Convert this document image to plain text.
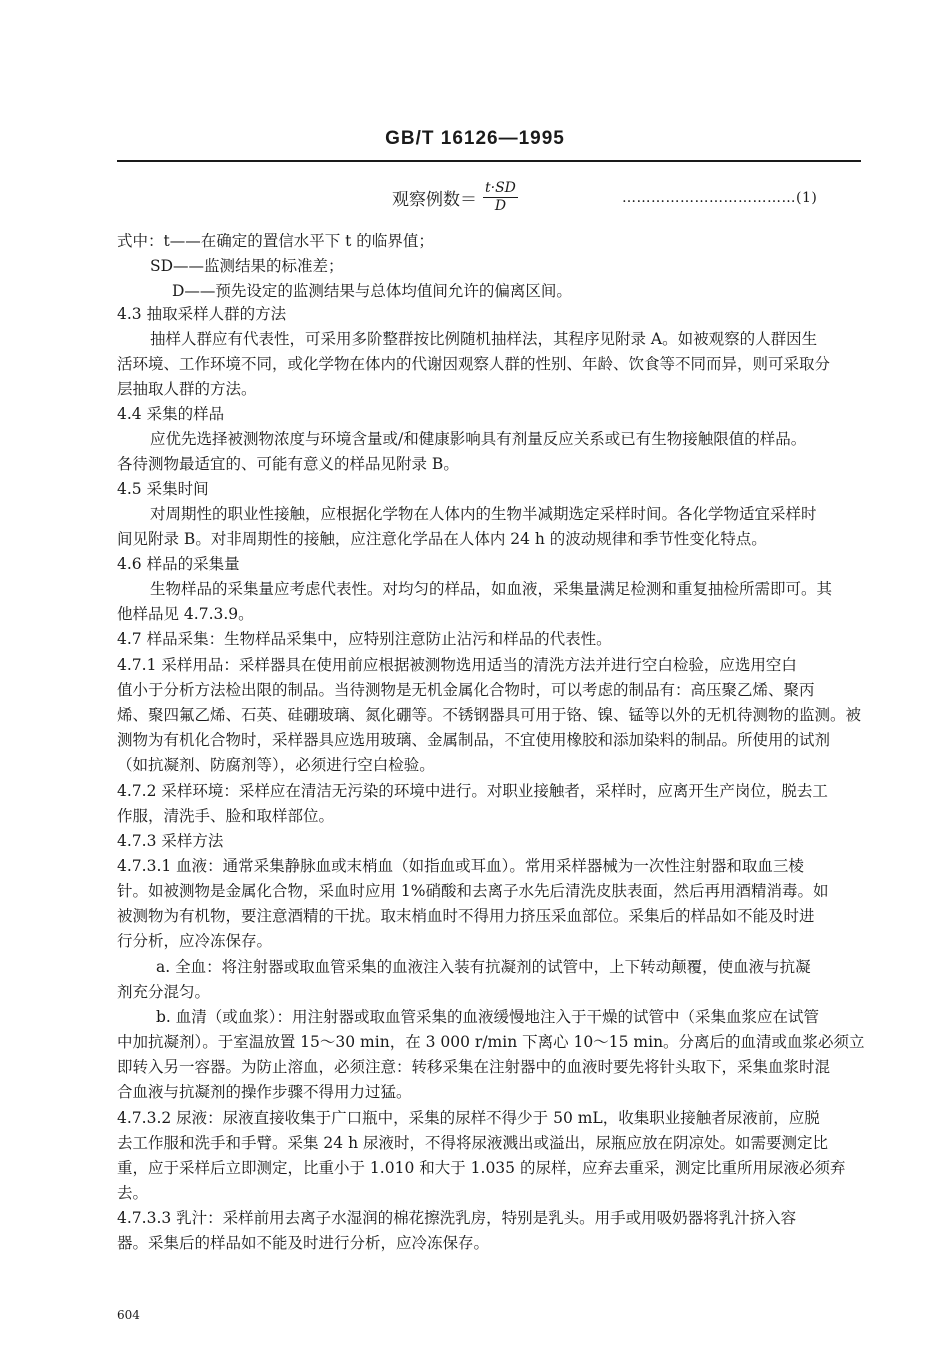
GB/T 16126—1995
观察例数＝ $\frac{t\cdot SD}{D}$	………………………………(1)
式中：t——在确定的置信水平下 t 的临界值；
SD——监测结果的标准差；
D——预先设定的监测结果与总体均值间允许的偏离区间。
4.3 抽取采样人群的方法
抽样人群应有代表性，可采用多阶整群按比例随机抽样法，其程序见附录 A。如被观察的人群因生
活环境、工作环境不同，或化学物在体内的代谢因观察人群的性别、年龄、饮食等不同而异，则可采取分
层抽取人群的方法。
4.4 采集的样品
应优先选择被测物浓度与环境含量或/和健康影响具有剂量反应关系或已有生物接触限值的样品。
各待测物最适宜的、可能有意义的样品见附录 B。
4.5 采集时间
对周期性的职业性接触，应根据化学物在人体内的生物半减期选定采样时间。各化学物适宜采样时
间见附录 B。对非周期性的接触，应注意化学品在人体内 24 h 的波动规律和季节性变化特点。
4.6 样品的采集量
生物样品的采集量应考虑代表性。对均匀的样品，如血液，采集量满足检测和重复抽检所需即可。其
他样品见 4.7.3.9。
4.7 样品采集：生物样品采集中，应特别注意防止沾污和样品的代表性。
4.7.1 采样用品：采样器具在使用前应根据被测物选用适当的清洗方法并进行空白检验，应选用空白
值小于分析方法检出限的制品。当待测物是无机金属化合物时，可以考虑的制品有：高压聚乙烯、聚丙
烯、聚四氟乙烯、石英、硅硼玻璃、氮化硼等。不锈钢器具可用于铬、镍、锰等以外的无机待测物的监测。被
测物为有机化合物时，采样器具应选用玻璃、金属制品，不宜使用橡胶和添加染料的制品。所使用的试剂
（如抗凝剂、防腐剂等），必须进行空白检验。
4.7.2 采样环境：采样应在清洁无污染的环境中进行。对职业接触者，采样时，应离开生产岗位，脱去工
作服，清洗手、脸和取样部位。
4.7.3 采样方法
4.7.3.1 血液：通常采集静脉血或末梢血（如指血或耳血）。常用采样器械为一次性注射器和取血三棱
针。如被测物是金属化合物，采血时应用 1%硝酸和去离子水先后清洗皮肤表面，然后再用酒精消毒。如
被测物为有机物，要注意酒精的干扰。取末梢血时不得用力挤压采血部位。采集后的样品如不能及时进
行分析，应冷冻保存。
a. 全血：将注射器或取血管采集的血液注入装有抗凝剂的试管中，上下转动颠覆，使血液与抗凝
剂充分混匀。
b. 血清（或血浆）：用注射器或取血管采集的血液缓慢地注入于干燥的试管中（采集血浆应在试管
中加抗凝剂）。于室温放置 15～30 min，在 3 000 r/min 下离心 10～15 min。分离后的血清或血浆必须立
即转入另一容器。为防止溶血，必须注意：转移采集在注射器中的血液时要先将针头取下，采集血浆时混
合血液与抗凝剂的操作步骤不得用力过猛。
4.7.3.2 尿液：尿液直接收集于广口瓶中，采集的尿样不得少于 50 mL，收集职业接触者尿液前，应脱
去工作服和洗手和手臂。采集 24 h 尿液时，不得将尿液溅出或溢出，尿瓶应放在阴凉处。如需要测定比
重，应于采样后立即测定，比重小于 1.010 和大于 1.035 的尿样，应弃去重采，测定比重所用尿液必须弃
去。
4.7.3.3 乳汁：采样前用去离子水湿润的棉花擦洗乳房，特别是乳头。用手或用吸奶器将乳汁挤入容
器。采集后的样品如不能及时进行分析，应冷冻保存。
604
